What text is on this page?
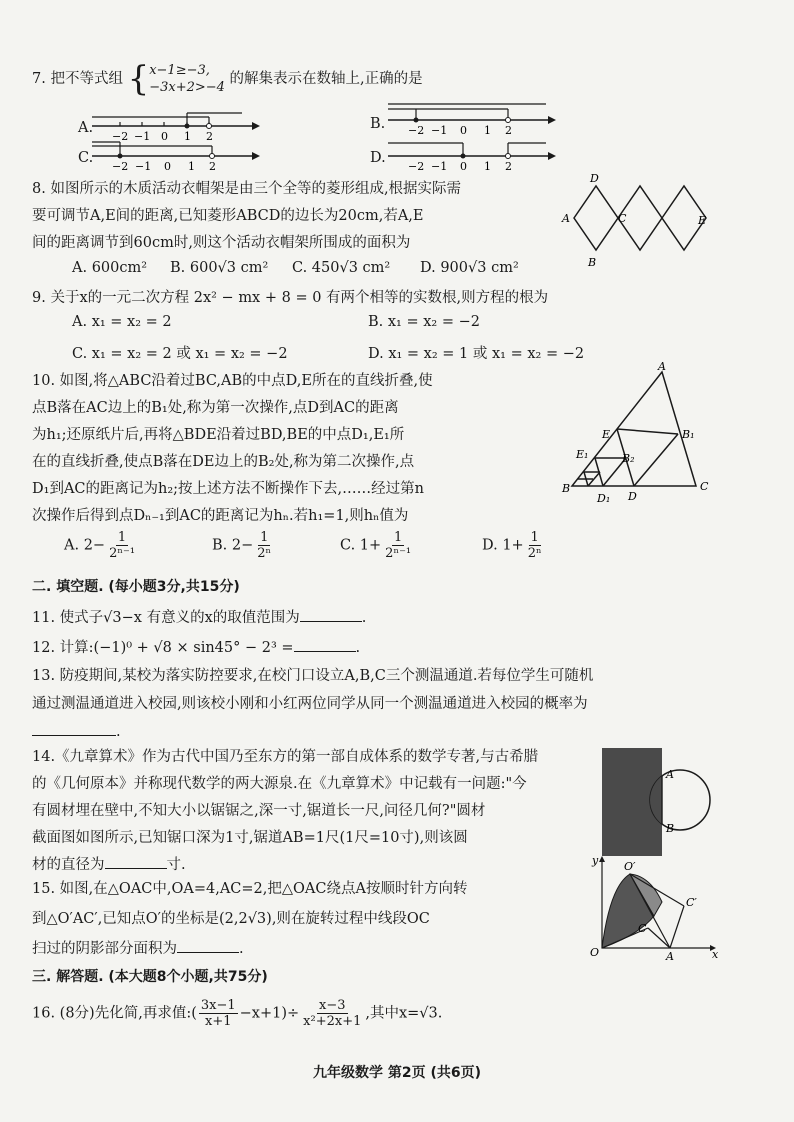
7. 把不等式组 { x−1≥−3,
−3x+2>−4
的解集表示在数轴上,正确的是
A.
−2 −1 0 1 2
B. −2 −1 0 1 2
C.
−2 −1 0 1 2
D.
−2 −1 0 1 2
8. 如图所示的木质活动衣帽架是由三个全等的菱形组成,根据实际需
要可调节A,E间的距离,已知菱形ABCD的边长为20cm,若A,E
间的距离调节到60cm时,则这个活动衣帽架所围成的面积为
A. 600cm² B. 600√3 cm² C. 450√3 cm² D. 900√3 cm²
A
D
C
B
E
9. 关于x的一元二次方程 2x² − mx + 8 = 0 有两个相等的实数根,则方程的根为
A. x₁ = x₂ = 2	B. x₁ = x₂ = −2
C. x₁ = x₂ = 2 或 x₁ = x₂ = −2	D. x₁ = x₂ = 1 或 x₁ = x₂ = −2
10. 如图,将△ABC沿着过BC,AB的中点D,E所在的直线折叠,使
点B落在AC边上的B₁处,称为第一次操作,点D到AC的距离
为h₁;还原纸片后,再将△BDE沿着过BD,BE的中点D₁,E₁所
在的直线折叠,使点B落在DE边上的B₂处,称为第二次操作,点
D₁到AC的距离记为h₂;按上述方法不断操作下去,……经过第n
次操作后得到点Dₙ₋₁到AC的距离记为hₙ.若h₁=1,则hₙ值为
A. $2- \frac{1}{\text{2ⁿ⁻¹}}$	B. $2- \frac{1}{\text{2ⁿ}}$	C. $1+ \frac{1}{\text{2ⁿ⁻¹}}$	D. $1+ \frac{1}{\text{2ⁿ}}$
A
B	C
D
D₁
E
E₁
B₁
B₂
二. 填空题. (每小题3分,共15分)
11. 使式子√3−x 有意义的x的取值范围为	.
12. 计算:(−1)⁰ + √8 × sin45° − 2³ =	.
13. 防疫期间,某校为落实防控要求,在校门口设立A,B,C三个测温通道.若每位学生可随机
通过测温通道进入校园,则该校小刚和小红两位同学从同一个测温通道进入校园的概率为
.
14.《九章算术》作为古代中国乃至东方的第一部自成体系的数学专著,与古希腊
的《几何原本》并称现代数学的两大源泉.在《九章算术》中记载有一问题:"今
有圆材埋在壁中,不知大小以锯锯之,深一寸,锯道长一尺,问径几何?"圆材
截面图如图所示,已知锯口深为1寸,锯道AB=1尺(1尺=10寸),则该圆
材的直径为	寸.
A
B
15. 如图,在△OAC中,OA=4,AC=2,把△OAC绕点A按顺时针方向转
到△O′AC′,已知点O′的坐标是(2,2√3),则在旋转过程中线段OC
扫过的阴影部分面积为	.	O	A
C
O′
C′
x
y
三. 解答题. (本大题8个小题,共75分)
16. (8分)先化简,再求值:( $\frac{3x-1}{x+1} -x+1)\div \frac{x-3}{\text{x²+2x+1}}$ ,其中x=√3.
九年级数学 第2页 (共6页)
